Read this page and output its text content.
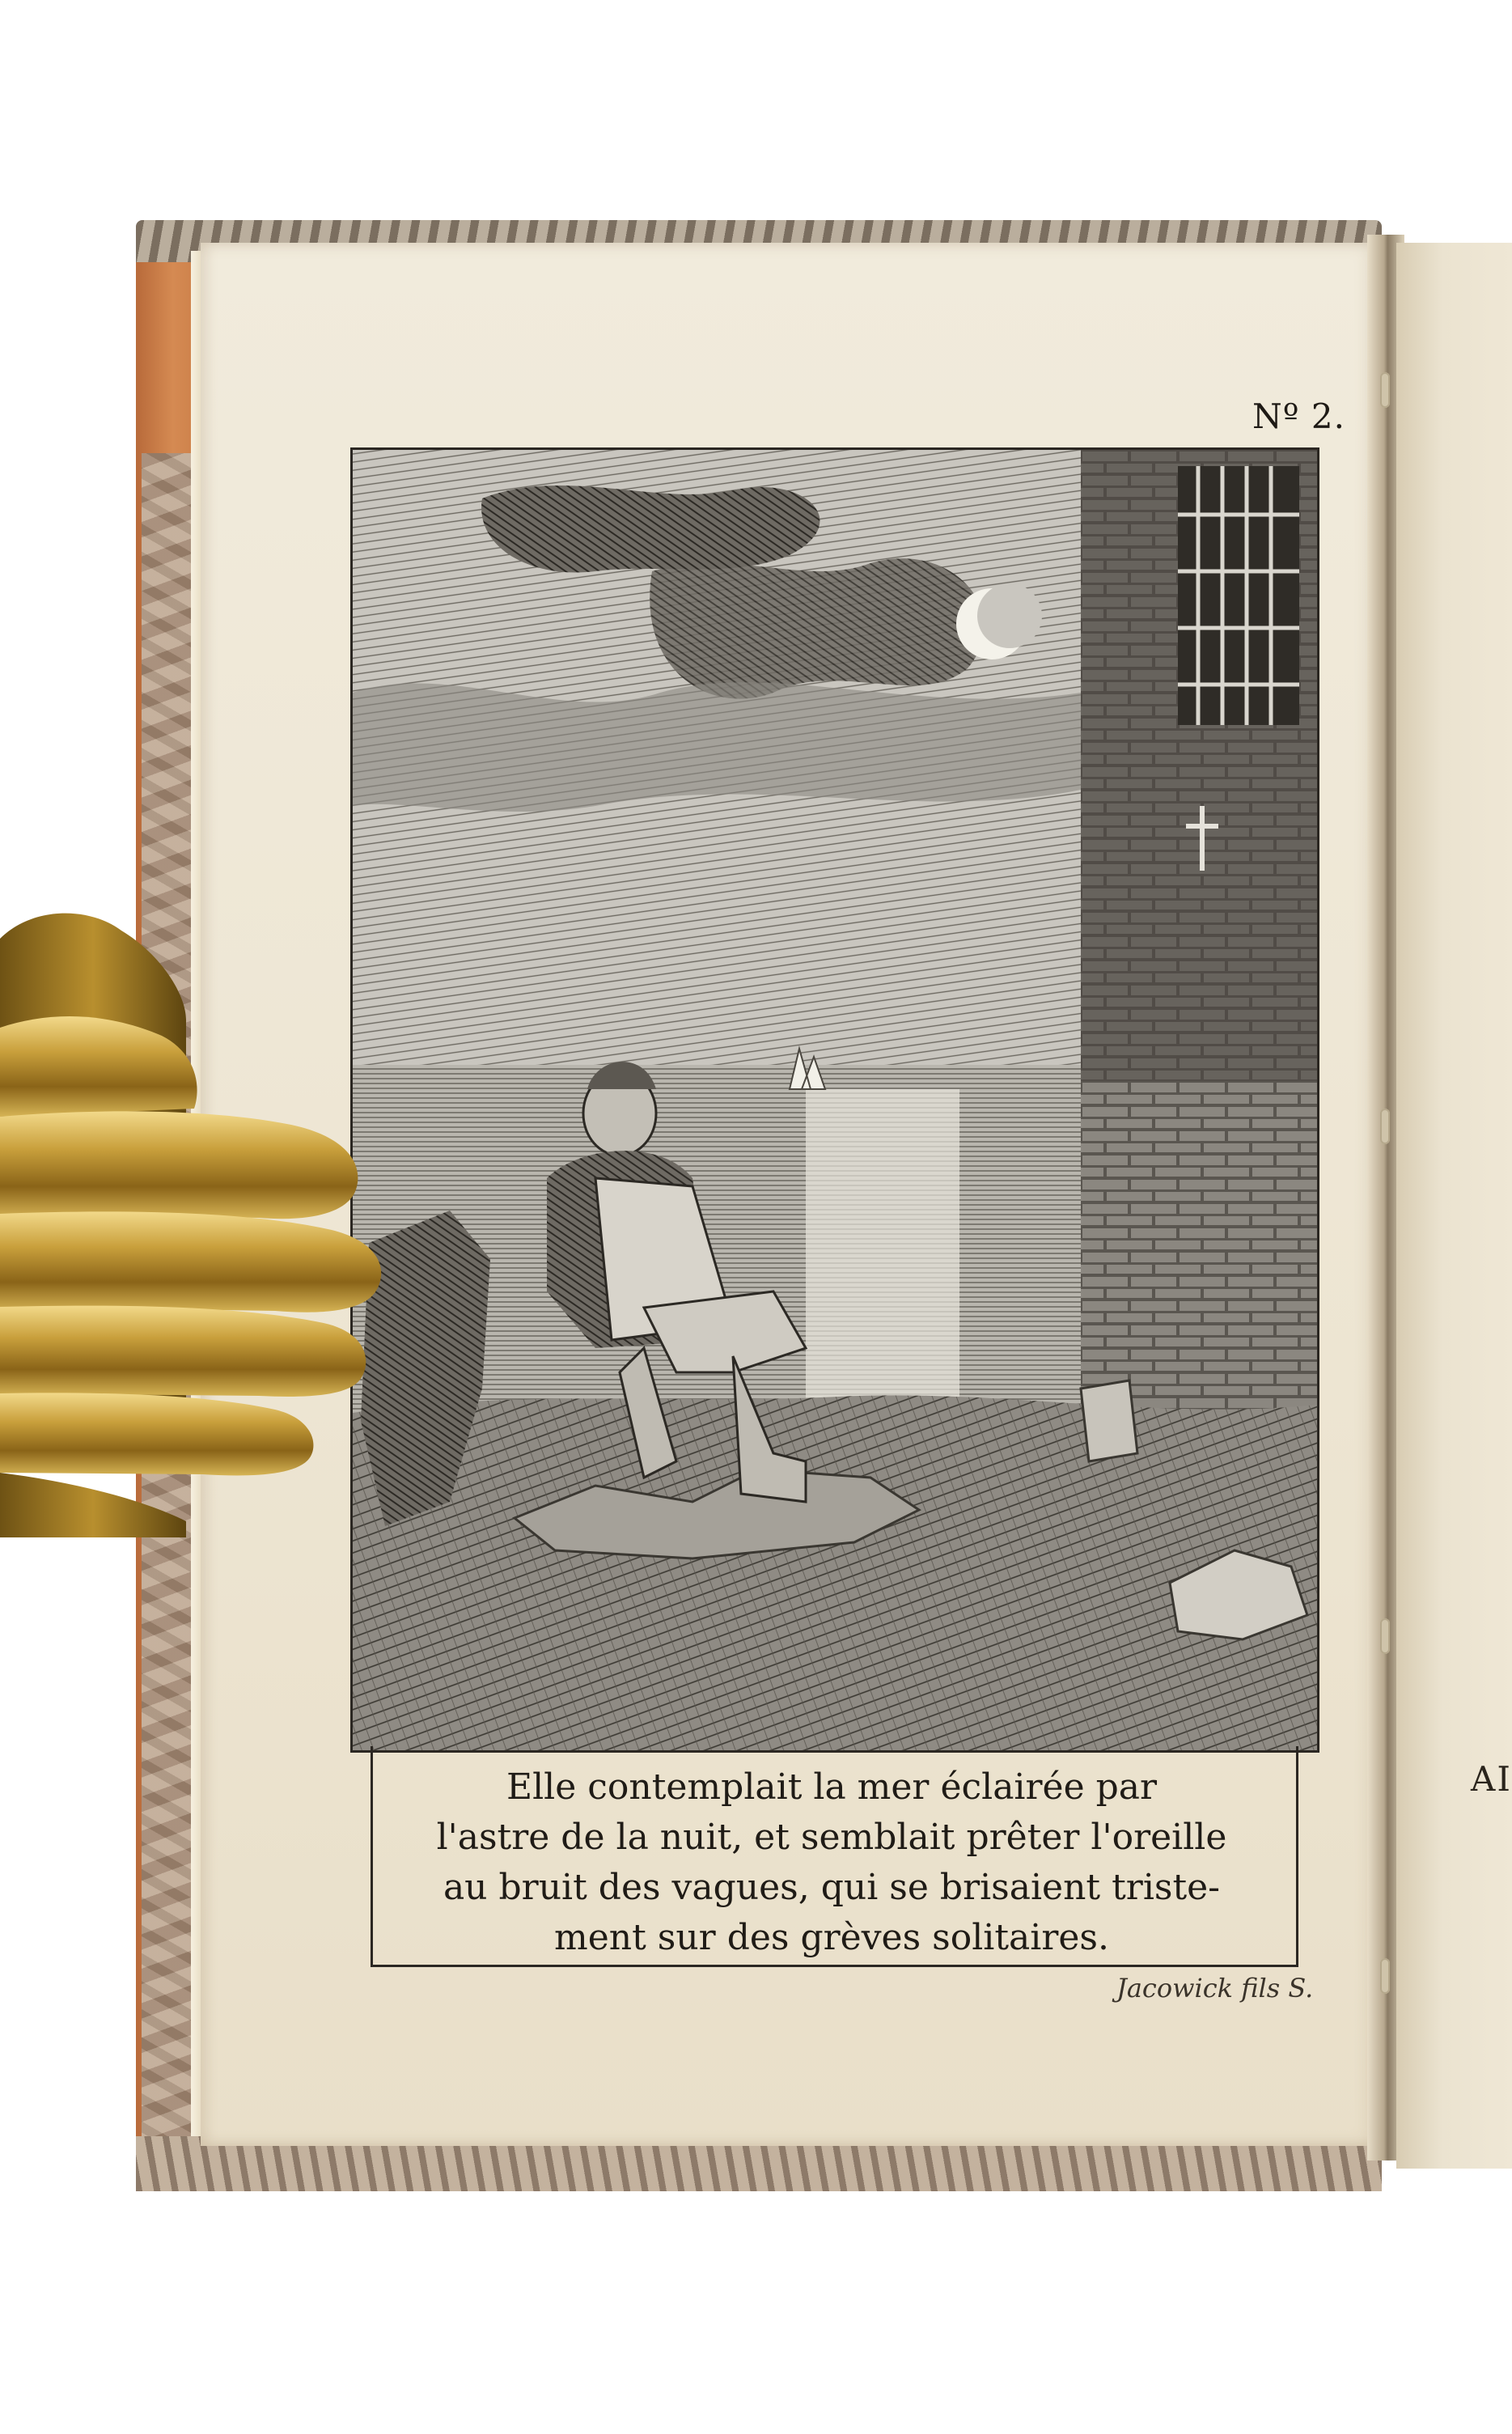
AI
Nº 2.
Elle contemplait la mer éclairée par
l'astre de la nuit, et semblait prêter l'oreille
au bruit des vagues, qui se brisaient triste-
ment sur des grèves solitaires.
Jacowick fils S.
